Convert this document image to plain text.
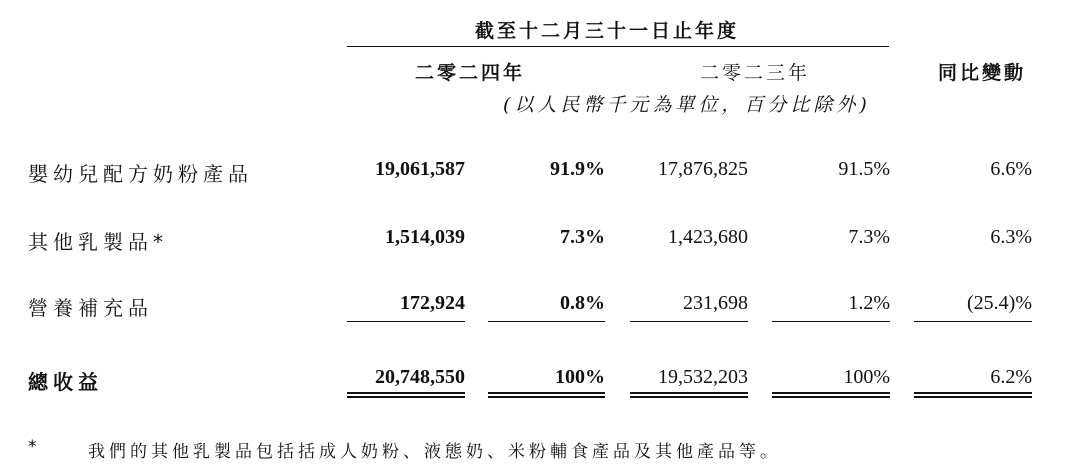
截至十二月三十一日止年度
二零二四年	二零二三年	同比變動
(以人民幣千元為單位，百分比除外)
嬰幼兒配方奶粉產品	19,061,587	91.9%	17,876,825	91.5%	6.6%
其他乳製品*	1,514,039	7.3%	1,423,680	7.3%	6.3%
營養補充品	172,924	0.8%	231,698	1.2%	(25.4)%
總收益	20,748,550	100%	19,532,203	100%	6.2%
*	我們的其他乳製品包括括成人奶粉、液態奶、米粉輔食產品及其他產品等。
